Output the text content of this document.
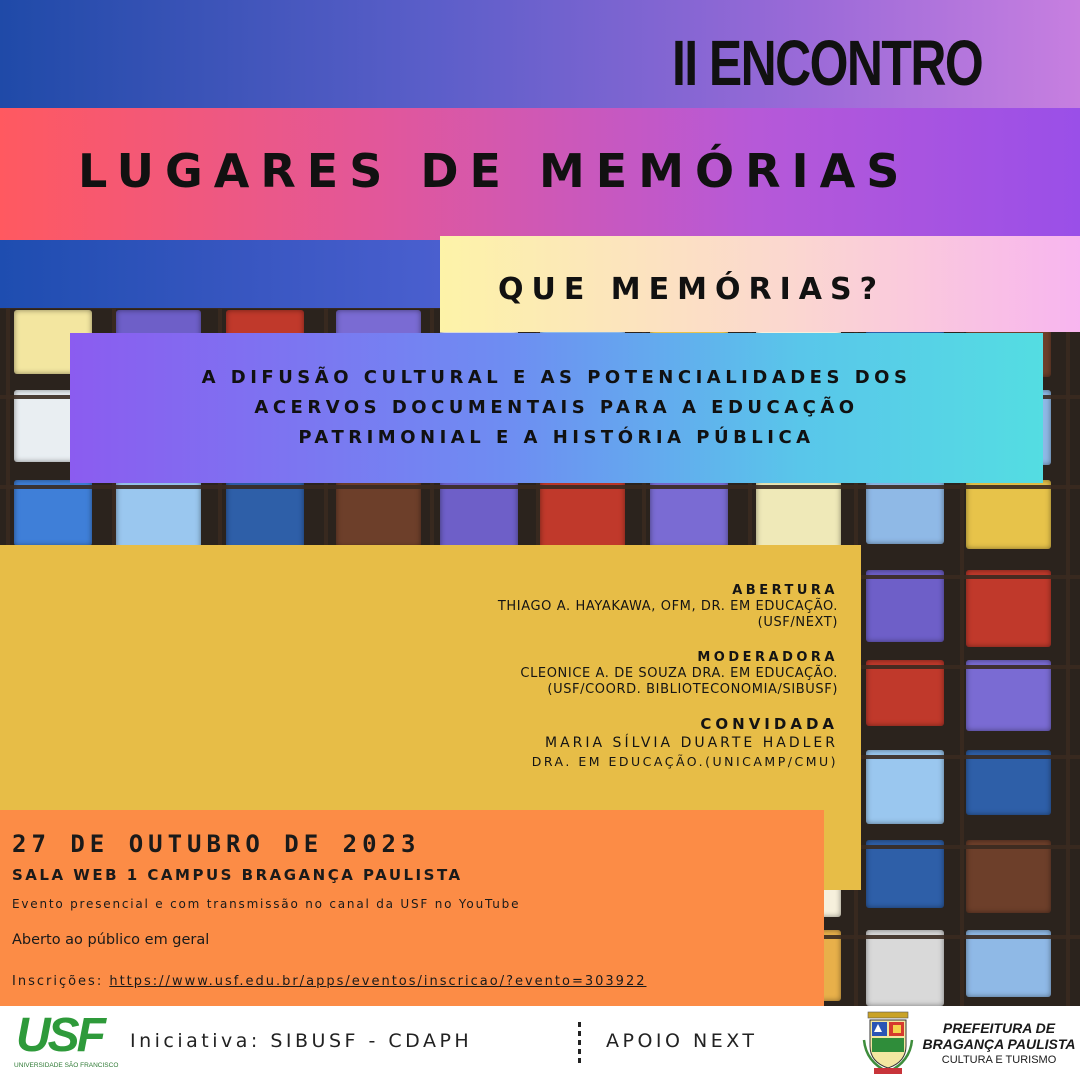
A DIFUSÃO CULTURAL E AS POTENCIALIDADES DOS
ACERVOS DOCUMENTAIS PARA A EDUCAÇÃO
PATRIMONIAL E A HISTÓRIA PÚBLICA
II ENCONTRO
LUGARES DE MEMÓRIAS
QUE MEMÓRIAS?
ABERTURA
THIAGO A. HAYAKAWA, OFM, DR. EM EDUCAÇÃO.
(USF/NEXT)
MODERADORA
CLEONICE A. DE SOUZA DRA. EM EDUCAÇÃO.
(USF/COORD. BIBLIOTECONOMIA/SIBUSF)
CONVIDADA
MARIA SÍLVIA DUARTE HADLER
DRA. EM EDUCAÇÃO.(UNICAMP/CMU)
27 DE OUTUBRO DE 2023
SALA WEB 1 CAMPUS BRAGANÇA PAULISTA
Evento presencial e com transmissão no canal da USF no YouTube
Aberto ao público em geral
Inscrições: https://www.usf.edu.br/apps/eventos/inscricao/?evento=303922
USF
UNIVERSIDADE SÃO FRANCISCO
Iniciativa: SIBUSF - CDAPH	APOIO NEXT
PREFEITURA DE
BRAGANÇA PAULISTA
CULTURA E TURISMO
